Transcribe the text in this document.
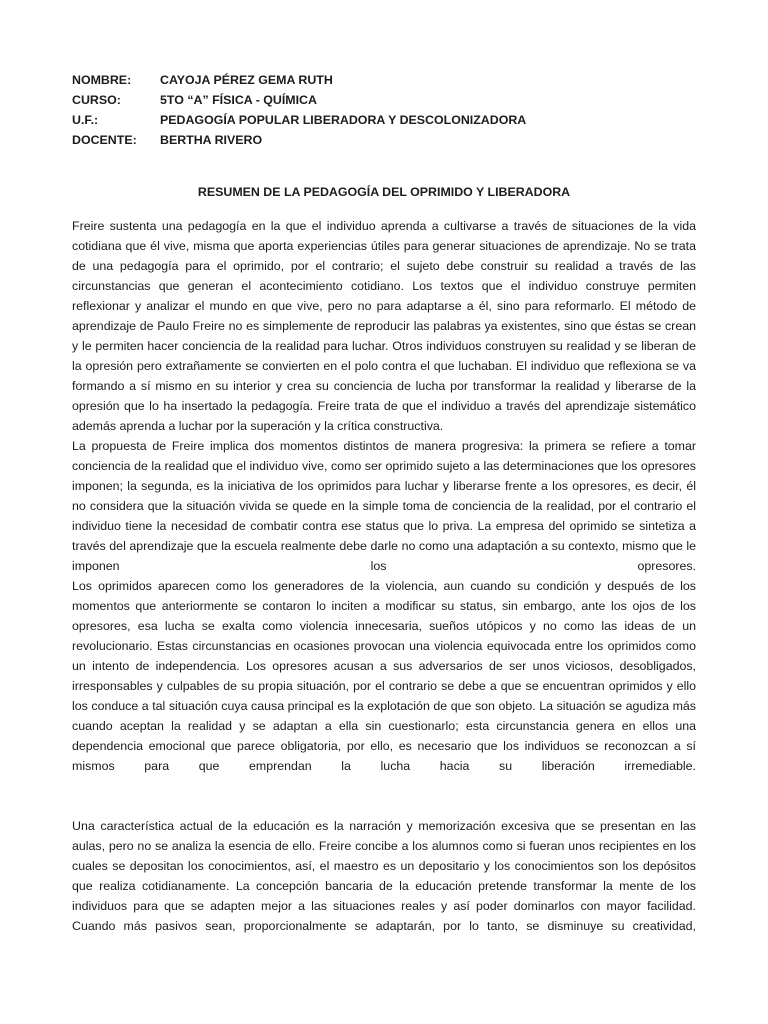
NOMBRE:	CAYOJA PÉREZ GEMA RUTH
CURSO:	5TO “A” FÍSICA - QUÍMICA
U.F.:	PEDAGOGÍA POPULAR LIBERADORA Y DESCOLONIZADORA
DOCENTE:	BERTHA RIVERO
RESUMEN DE LA PEDAGOGÍA DEL OPRIMIDO Y LIBERADORA

Freire sustenta una pedagogía en la que el individuo aprenda a cultivarse a través de situaciones de la vida cotidiana que él vive, misma que aporta experiencias útiles para generar situaciones de aprendizaje. No se trata de una pedagogía para el oprimido, por el contrario; el sujeto debe construir su realidad a través de las circunstancias que generan el acontecimiento cotidiano. Los textos que el individuo construye permiten reflexionar y analizar el mundo en que vive, pero no para adaptarse a él, sino para reformarlo. El método de aprendizaje de Paulo Freire no es simplemente de reproducir las palabras ya existentes, sino que éstas se crean y le permiten hacer conciencia de la realidad para luchar. Otros individuos construyen su realidad y se liberan de la opresión pero extrañamente se convierten en el polo contra el que luchaban. El individuo que reflexiona se va formando a sí mismo en su interior y crea su conciencia de lucha por transformar la realidad y liberarse de la opresión que lo ha insertado la pedagogía. Freire trata de que el individuo a través del aprendizaje sistemático además aprenda a luchar por la superación y la crítica constructiva.

La propuesta de Freire implica dos momentos distintos de manera progresiva: la primera se refiere a tomar conciencia de la realidad que el individuo vive, como ser oprimido sujeto a las determinaciones que los opresores imponen; la segunda, es la iniciativa de los oprimidos para luchar y liberarse frente a los opresores, es decir, él no considera que la situación vivida se quede en la simple toma de conciencia de la realidad, por el contrario el individuo tiene la necesidad de combatir contra ese status que lo priva. La empresa del oprimido se sintetiza a través del aprendizaje que la escuela realmente debe darle no como una adaptación a su contexto, mismo que le imponen los opresores.

Los oprimidos aparecen como los generadores de la violencia, aun cuando su condición y después de los momentos que anteriormente se contaron lo inciten a modificar su status, sin embargo, ante los ojos de los opresores, esa lucha se exalta como violencia innecesaria, sueños utópicos y no como las ideas de un revolucionario. Estas circunstancias en ocasiones provocan una violencia equivocada entre los oprimidos como un intento de independencia. Los opresores acusan a sus adversarios de ser unos viciosos, desobligados, irresponsables y culpables de su propia situación, por el contrario se debe a que se encuentran oprimidos y ello los conduce a tal situación cuya causa principal es la explotación de que son objeto. La situación se agudiza más cuando aceptan la realidad y se adaptan a ella sin cuestionarlo; esta circunstancia genera en ellos una dependencia emocional que parece obligatoria, por ello, es necesario que los individuos se reconozcan a sí mismos para que emprendan la lucha hacia su liberación irremediable.

Una característica actual de la educación es la narración y memorización excesiva que se presentan en las aulas, pero no se analiza la esencia de ello. Freire concibe a los alumnos como si fueran unos recipientes en los cuales se depositan los conocimientos, así, el maestro es un depositario y los conocimientos son los depósitos que realiza cotidianamente. La concepción bancaria de la educación pretende transformar la mente de los individuos para que se adapten mejor a las situaciones reales y así poder dominarlos con mayor facilidad. Cuando más pasivos sean, proporcionalmente se adaptarán, por lo tanto, se disminuye su creatividad,
